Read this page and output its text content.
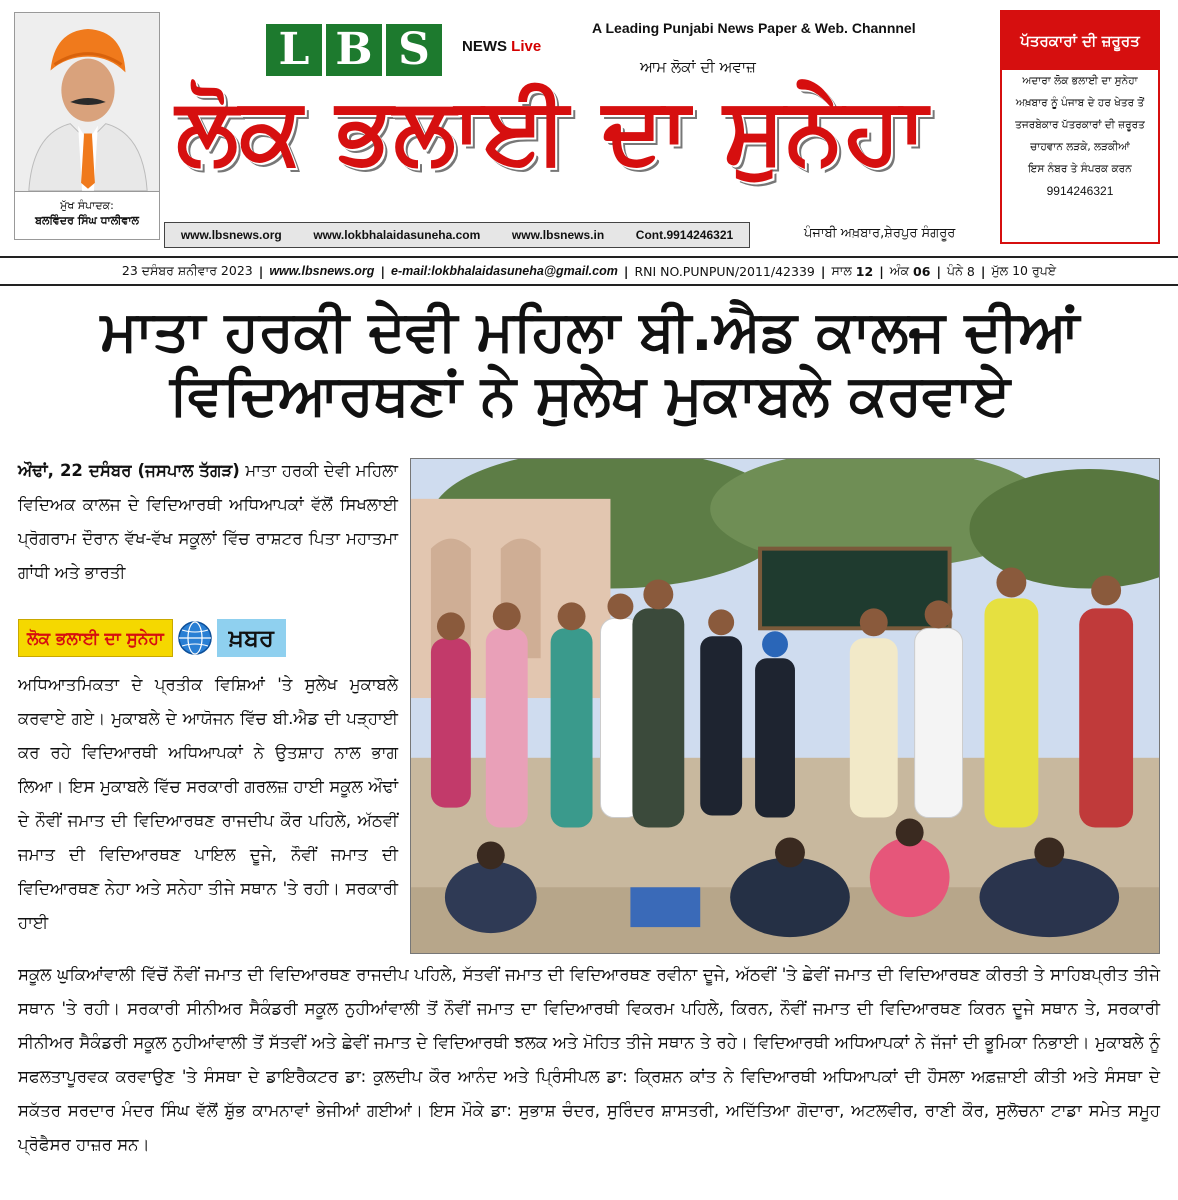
ਮੁੱਖ ਸੰਪਾਦਕ:
ਬਲਵਿੰਦਰ ਸਿੰਘ ਧਾਲੀਵਾਲ
L B S	NEWS Live
A Leading Punjabi News Paper & Web. Channnel
ਆਮ ਲੋਕਾਂ ਦੀ ਅਵਾਜ਼
ਲੋਕ ਭਲਾਈ ਦਾ ਸੁਨੇਹਾ
www.lbsnews.org	www.lokbhalaidasuneha.com	www.lbsnews.in	Cont.9914246321	ਪੰਜਾਬੀ ਅਖ਼ਬਾਰ,ਸ਼ੇਰਪੁਰ ਸੰਗਰੂਰ
ਪੱਤਰਕਾਰਾਂ ਦੀ ਜ਼ਰੂਰਤ
ਅਦਾਰਾ ਲੋਕ ਭਲਾਈ ਦਾ ਸੁਨੇਹਾ
ਅਖ਼ਬਾਰ ਨੂੰ ਪੰਜਾਬ ਦੇ ਹਰ ਖੇਤਰ ਤੋਂ
ਤਜਰਬੇਕਾਰ ਪੱਤਰਕਾਰਾਂ ਦੀ ਜ਼ਰੂਰਤ
ਚਾਹਵਾਨ ਲੜਕੇ, ਲੜਕੀਆਂ
ਇਸ ਨੰਬਰ ਤੇ ਸੰਪਰਕ ਕਰਨ
9914246321
23 ਦਸੰਬਰ ਸ਼ਨੀਵਾਰ 2023 | www.lbsnews.org | e-mail:lokbhalaidasuneha@gmail.com | RNI NO.PUNPUN/2011/42339 | ਸਾਲ
12 | ਅੰਕ
06 | ਪੰਨੇ
8 | ਮੁੱਲ 10 ਰੁਪਏ
ਮਾਤਾ ਹਰਕੀ ਦੇਵੀ ਮਹਿਲਾ ਬੀ.ਐਡ ਕਾਲਜ ਦੀਆਂ
ਵਿਦਿਆਰਥਣਾਂ ਨੇ ਸੁਲੇਖ ਮੁਕਾਬਲੇ ਕਰਵਾਏ
ਔਢਾਂ, 22 ਦਸੰਬਰ (ਜਸਪਾਲ ਤੱਗੜ) ਮਾਤਾ ਹਰਕੀ ਦੇਵੀ ਮਹਿਲਾ ਵਿਦਿਅਕ ਕਾਲਜ ਦੇ ਵਿਦਿਆਰਥੀ ਅਧਿਆਪਕਾਂ ਵੱਲੋਂ ਸਿਖਲਾਈ ਪ੍ਰੋਗਰਾਮ ਦੌਰਾਨ ਵੱਖ-ਵੱਖ ਸਕੂਲਾਂ ਵਿੱਚ ਰਾਸ਼ਟਰ ਪਿਤਾ ਮਹਾਤਮਾ ਗਾਂਧੀ ਅਤੇ ਭਾਰਤੀ
ਲੋਕ ਭਲਾਈ ਦਾ ਸੁਨੇਹਾ	ਖ਼ਬਰ
ਅਧਿਆਤਮਿਕਤਾ ਦੇ ਪ੍ਰਤੀਕ ਵਿਸ਼ਿਆਂ 'ਤੇ ਸੁਲੇਖ ਮੁਕਾਬਲੇ ਕਰਵਾਏ ਗਏ। ਮੁਕਾਬਲੇ ਦੇ ਆਯੋਜਨ ਵਿੱਚ ਬੀ.ਐਡ ਦੀ ਪੜ੍ਹਾਈ ਕਰ ਰਹੇ ਵਿਦਿਆਰਥੀ ਅਧਿਆਪਕਾਂ ਨੇ ਉਤਸ਼ਾਹ ਨਾਲ ਭਾਗ ਲਿਆ। ਇਸ ਮੁਕਾਬਲੇ ਵਿੱਚ ਸਰਕਾਰੀ ਗਰਲਜ਼ ਹਾਈ ਸਕੂਲ ਔਢਾਂ ਦੇ ਨੌਵੀਂ ਜਮਾਤ ਦੀ ਵਿਦਿਆਰਥਣ ਰਾਜਦੀਪ ਕੌਰ ਪਹਿਲੇ, ਅੱਠਵੀਂ ਜਮਾਤ ਦੀ ਵਿਦਿਆਰਥਣ ਪਾਇਲ ਦੂਜੇ, ਨੌਵੀਂ ਜਮਾਤ ਦੀ ਵਿਦਿਆਰਥਣ ਨੇਹਾ ਅਤੇ ਸਨੇਹਾ ਤੀਜੇ ਸਥਾਨ 'ਤੇ ਰਹੀ। ਸਰਕਾਰੀ ਹਾਈ
ਸਕੂਲ ਘੁਕਿਆਂਵਾਲੀ ਵਿੱਚੋਂ ਨੌਵੀਂ ਜਮਾਤ ਦੀ ਵਿਦਿਆਰਥਣ ਰਾਜਦੀਪ ਪਹਿਲੇ, ਸੱਤਵੀਂ ਜਮਾਤ ਦੀ ਵਿਦਿਆਰਥਣ ਰਵੀਨਾ ਦੂਜੇ, ਅੱਠਵੀਂ 'ਤੇ ਛੇਵੀਂ ਜਮਾਤ ਦੀ ਵਿਦਿਆਰਥਣ ਕੀਰਤੀ ਤੇ ਸਾਹਿਬਪ੍ਰੀਤ ਤੀਜੇ ਸਥਾਨ 'ਤੇ ਰਹੀ। ਸਰਕਾਰੀ ਸੀਨੀਅਰ ਸੈਕੰਡਰੀ ਸਕੂਲ ਨੁਹੀਆਂਵਾਲੀ ਤੋਂ ਨੌਵੀਂ ਜਮਾਤ ਦਾ ਵਿਦਿਆਰਥੀ ਵਿਕਰਮ ਪਹਿਲੇ, ਕਿਰਨ, ਨੌਵੀਂ ਜਮਾਤ ਦੀ ਵਿਦਿਆਰਥਣ ਕਿਰਨ ਦੂਜੇ ਸਥਾਨ ਤੇ, ਸਰਕਾਰੀ ਸੀਨੀਅਰ ਸੈਕੰਡਰੀ ਸਕੂਲ ਨੁਹੀਆਂਵਾਲੀ ਤੋਂ ਸੱਤਵੀਂ ਅਤੇ ਛੇਵੀਂ ਜਮਾਤ ਦੇ ਵਿਦਿਆਰਥੀ ਝਲਕ ਅਤੇ ਮੋਹਿਤ ਤੀਜੇ ਸਥਾਨ ਤੇ ਰਹੇ। ਵਿਦਿਆਰਥੀ ਅਧਿਆਪਕਾਂ ਨੇ ਜੱਜਾਂ ਦੀ ਭੂਮਿਕਾ ਨਿਭਾਈ। ਮੁਕਾਬਲੇ ਨੂੰ ਸਫਲਤਾਪੂਰਵਕ ਕਰਵਾਉਣ 'ਤੇ ਸੰਸਥਾ ਦੇ ਡਾਇਰੈਕਟਰ ਡਾ: ਕੁਲਦੀਪ ਕੌਰ ਆਨੰਦ ਅਤੇ ਪ੍ਰਿੰਸੀਪਲ ਡਾ: ਕ੍ਰਿਸ਼ਨ ਕਾਂਤ ਨੇ ਵਿਦਿਆਰਥੀ ਅਧਿਆਪਕਾਂ ਦੀ ਹੌਸਲਾ ਅਫ਼ਜ਼ਾਈ ਕੀਤੀ ਅਤੇ ਸੰਸਥਾ ਦੇ ਸਕੱਤਰ ਸਰਦਾਰ ਮੰਦਰ ਸਿੰਘ ਵੱਲੋਂ ਸ਼ੁੱਭ ਕਾਮਨਾਵਾਂ ਭੇਜੀਆਂ ਗਈਆਂ। ਇਸ ਮੌਕੇ ਡਾ: ਸੁਭਾਸ਼ ਚੰਦਰ, ਸੁਰਿੰਦਰ ਸ਼ਾਸਤਰੀ, ਅਦਿੱਤਿਆ ਗੋਦਾਰਾ, ਅਟਲਵੀਰ, ਰਾਣੀ ਕੌਰ, ਸੁਲੋਚਨਾ ਟਾਡਾ ਸਮੇਤ ਸਮੂਹ ਪ੍ਰੋਫੈਸਰ ਹਾਜ਼ਰ ਸਨ।
